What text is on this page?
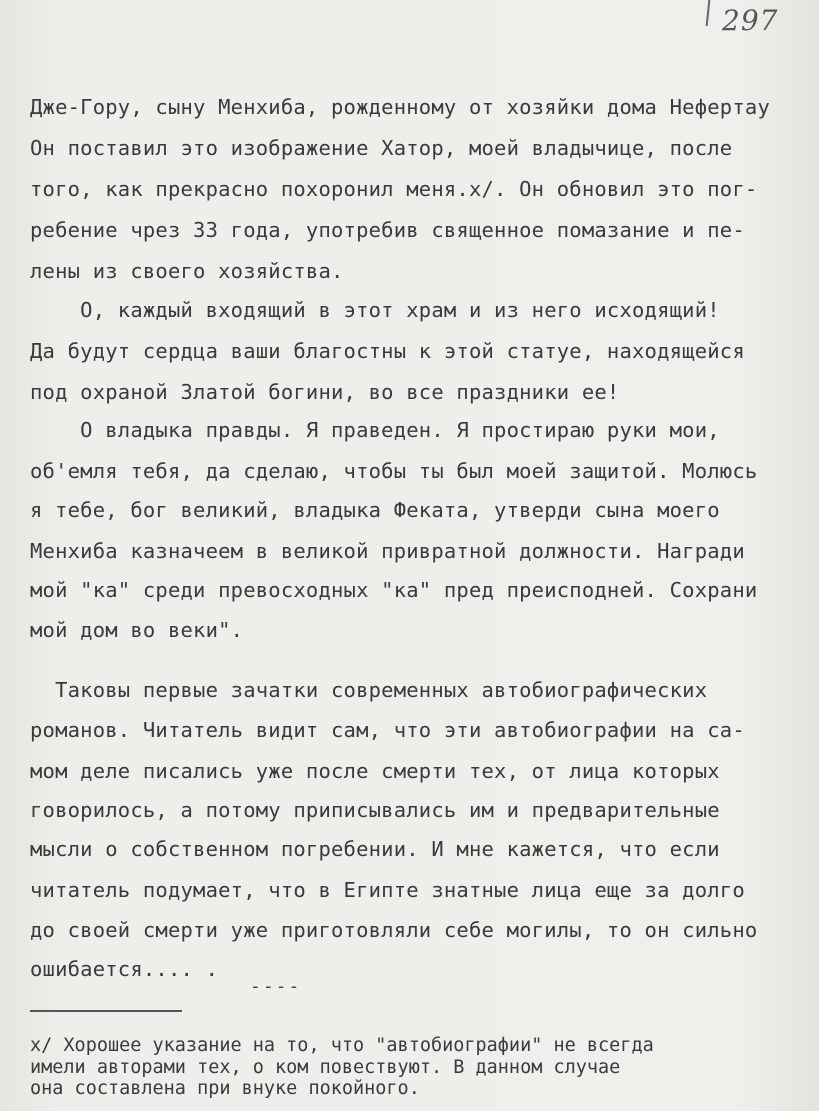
297
Дже-Гору, сыну Менхиба, рожденному от хозяйки дома Нефертау
Он поставил это изображение Хатор, моей владычице, после
того, как прекрасно похоронил меня.х/. Он обновил это пог-
ребение чрез 33 года, употребив священное помазание и пе-
лены из своего хозяйства.
О, каждый входящий в этот храм и из него исходящий!
Да будут сердца ваши благостны к этой статуе, находящейся
под охраной Златой богини, во все праздники ее!
О владыка правды. Я праведен. Я простираю руки мои,
об'емля тебя, да сделаю, чтобы ты был моей защитой. Молюсь
я тебе, бог великий, владыка Феката, утверди сына моего
Менхиба казначеем в великой привратной должности. Награди
мой "ка" среди превосходных "ка" пред преисподней. Сохрани
мой дом во веки".
Таковы первые зачатки современных автобиографических
романов. Читатель видит сам, что эти автобиографии на са-
мом деле писались уже после смерти тех, от лица которых
говорилось, а потому приписывались им и предварительные
мысли о собственном погребении. И мне кажется, что если
читатель подумает, что в Египте знатные лица еще за долго
до своей смерти уже приготовляли себе могилы, то он сильно
ошибается.... .
----
х/ Хорошее указание на то, что "автобиографии" не всегда
имели авторами тех, о ком повествуют. В данном случае
она составлена при внуке покойного.
